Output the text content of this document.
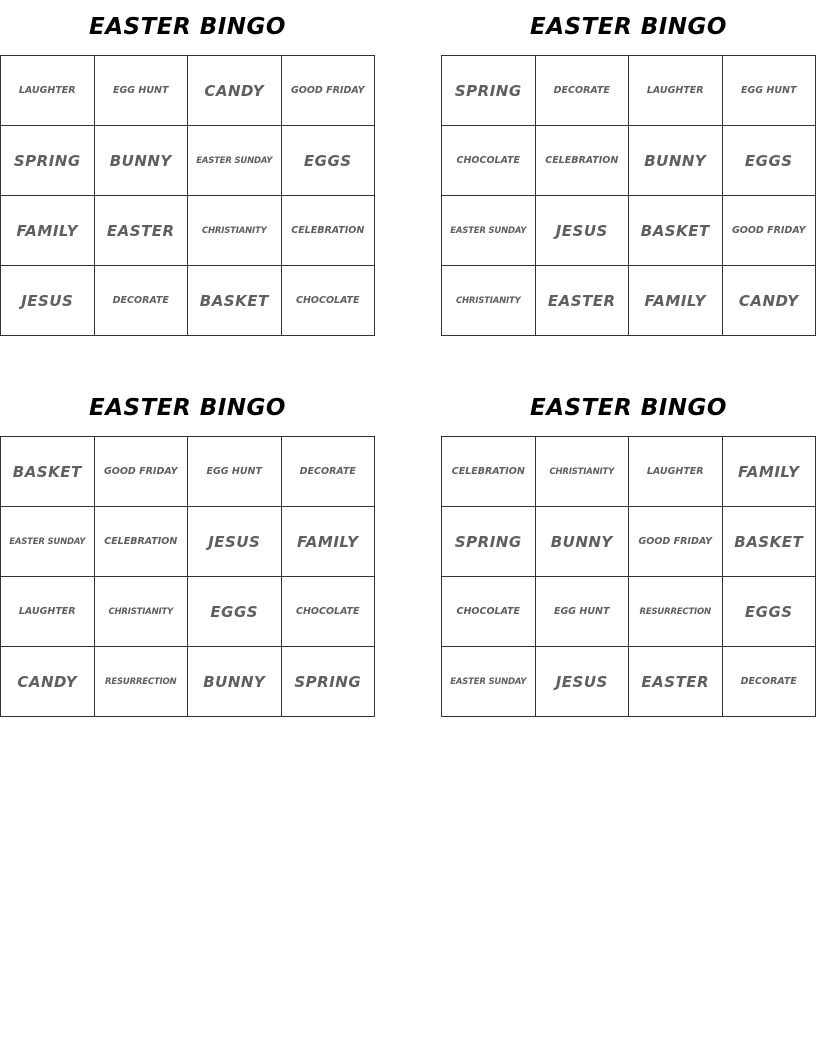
EASTER BINGO
LAUGHTER	EGG HUNT	CANDY	GOOD FRIDAY
SPRING	BUNNY	EASTER SUNDAY	EGGS
FAMILY	EASTER	CHRISTIANITY	CELEBRATION
JESUS	DECORATE	BASKET	CHOCOLATE
EASTER BINGO
SPRING	DECORATE	LAUGHTER	EGG HUNT
CHOCOLATE	CELEBRATION	BUNNY	EGGS
EASTER SUNDAY	JESUS	BASKET	GOOD FRIDAY
CHRISTIANITY	EASTER	FAMILY	CANDY
EASTER BINGO
BASKET	GOOD FRIDAY	EGG HUNT	DECORATE
EASTER SUNDAY	CELEBRATION	JESUS	FAMILY
LAUGHTER	CHRISTIANITY	EGGS	CHOCOLATE
CANDY	RESURRECTION	BUNNY	SPRING
EASTER BINGO
CELEBRATION	CHRISTIANITY	LAUGHTER	FAMILY
SPRING	BUNNY	GOOD FRIDAY	BASKET
CHOCOLATE	EGG HUNT	RESURRECTION	EGGS
EASTER SUNDAY	JESUS	EASTER	DECORATE
